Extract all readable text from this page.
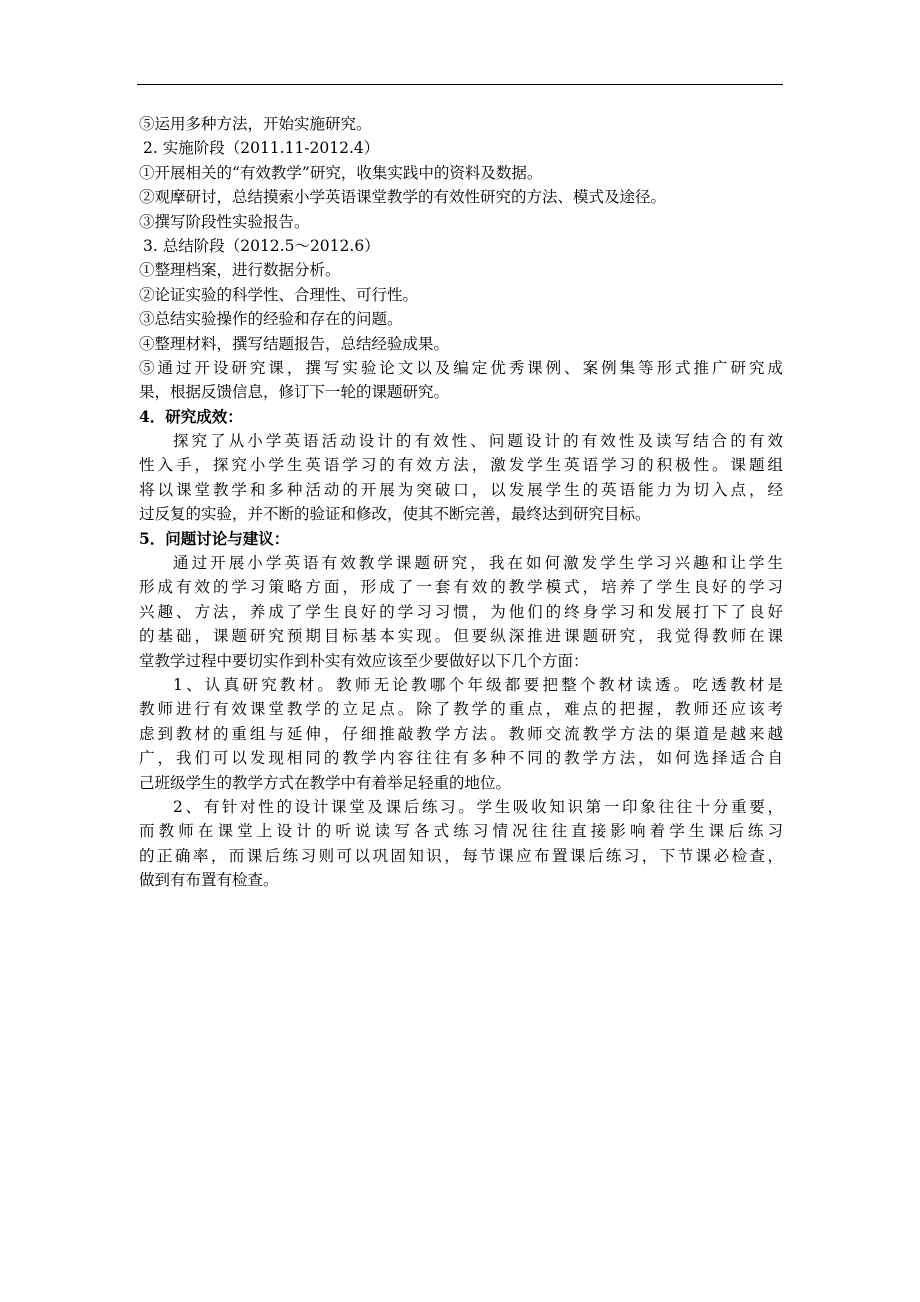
⑤运用多种方法，开始实施研究。
2. 实施阶段（2011.11-2012.4）
①开展相关的“有效教学”研究，收集实践中的资料及数据。
②观摩研讨，总结摸索小学英语课堂教学的有效性研究的方法、模式及途径。
③撰写阶段性实验报告。
3. 总结阶段（2012.5～2012.6）
①整理档案，进行数据分析。
②论证实验的科学性、合理性、可行性。
③总结实验操作的经验和存在的问题。
④整理材料，撰写结题报告，总结经验成果。
⑤通过开设研究课，撰写实验论文以及编定优秀课例、案例集等形式推广研究成
果，根据反馈信息，修订下一轮的课题研究。
4．研究成效：
探究了从小学英语活动设计的有效性、问题设计的有效性及读写结合的有效
性入手，探究小学生英语学习的有效方法，激发学生英语学习的积极性。课题组
将以课堂教学和多种活动的开展为突破口，以发展学生的英语能力为切入点，经
过反复的实验，并不断的验证和修改，使其不断完善，最终达到研究目标。
5．问题讨论与建议：
通过开展小学英语有效教学课题研究，我在如何激发学生学习兴趣和让学生
形成有效的学习策略方面，形成了一套有效的教学模式，培养了学生良好的学习
兴趣、方法，养成了学生良好的学习习惯，为他们的终身学习和发展打下了良好
的基础，课题研究预期目标基本实现。但要纵深推进课题研究，我觉得教师在课
堂教学过程中要切实作到朴实有效应该至少要做好以下几个方面：
1、认真研究教材。教师无论教哪个年级都要把整个教材读透。吃透教材是
教师进行有效课堂教学的立足点。除了教学的重点，难点的把握，教师还应该考
虑到教材的重组与延伸，仔细推敲教学方法。教师交流教学方法的渠道是越来越
广，我们可以发现相同的教学内容往往有多种不同的教学方法，如何选择适合自
己班级学生的教学方式在教学中有着举足轻重的地位。
2、有针对性的设计课堂及课后练习。学生吸收知识第一印象往往十分重要，
而教师在课堂上设计的听说读写各式练习情况往往直接影响着学生课后练习
的正确率，而课后练习则可以巩固知识，每节课应布置课后练习，下节课必检查，
做到有布置有检查。
